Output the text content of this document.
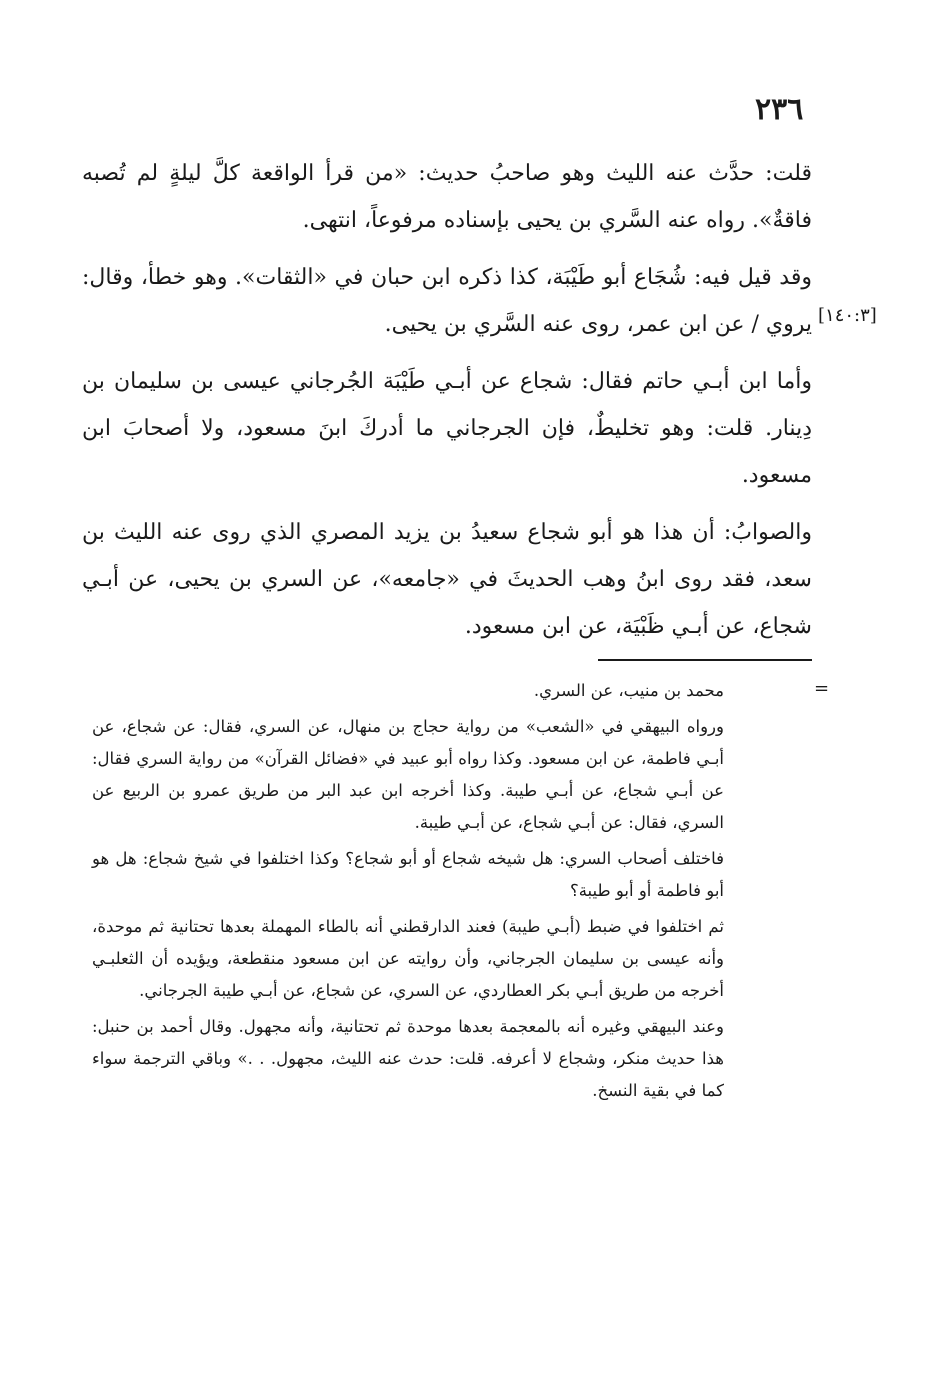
٢٣٦
[١٤٠:٣]

قلت: حدَّث عنه الليث وهو صاحبُ حديث: «من قرأ الواقعة كلَّ ليلةٍ لم تُصبه فاقةٌ». رواه عنه السَّري بن يحيى بإسناده مرفوعاً، انتهى.

وقد قيل فيه: شُجَاع أبو طَيْبَة، كذا ذكره ابن حبان في «الثقات». وهو خطأ، وقال: يروي / عن ابن عمر، روى عنه السَّري بن يحيى.

وأما ابن أبـي حاتم فقال: شجاع عن أبـي طَيْبَة الجُرجاني عيسى بن سليمان بن دِينار. قلت: وهو تخليطٌ، فإن الجرجاني ما أدركَ ابنَ مسعود، ولا أصحابَ ابن مسعود.

والصوابُ: أن هذا هو أبو شجاع سعيدُ بن يزيد المصري الذي روى عنه الليث بن سعد، فقد روى ابنُ وهب الحديثَ في «جامعه»، عن السري بن يحيى، عن أبـي شجاع، عن أبـي ظَبْيَة، عن ابن مسعود.

=

محمد بن منيب، عن السري.

ورواه البيهقي في «الشعب» من رواية حجاج بن منهال، عن السري، فقال: عن شجاع، عن أبـي فاطمة، عن ابن مسعود. وكذا رواه أبو عبيد في «فضائل القرآن» من رواية السري فقال: عن أبـي شجاع، عن أبـي طيبة. وكذا أخرجه ابن عبد البر من طريق عمرو بن الربيع عن السري، فقال: عن أبـي شجاع، عن أبـي طيبة.

فاختلف أصحاب السري: هل شيخه شجاع أو أبو شجاع؟ وكذا اختلفوا في شيخ شجاع: هل هو أبو فاطمة أو أبو طيبة؟

ثم اختلفوا في ضبط (أبـي طيبة) فعند الدارقطني أنه بالطاء المهملة بعدها تحتانية ثم موحدة، وأنه عيسى بن سليمان الجرجاني، وأن روايته عن ابن مسعود منقطعة، ويؤيده أن الثعلبـي أخرجه من طريق أبـي بكر العطاردي، عن السري، عن شجاع، عن أبـي طيبة الجرجاني.

وعند البيهقي وغيره أنه بالمعجمة بعدها موحدة ثم تحتانية، وأنه مجهول. وقال أحمد بن حنبل: هذا حديث منكر، وشجاع لا أعرفه. قلت: حدث عنه الليث، مجهول. . .» وباقي الترجمة سواء كما في بقية النسخ.
